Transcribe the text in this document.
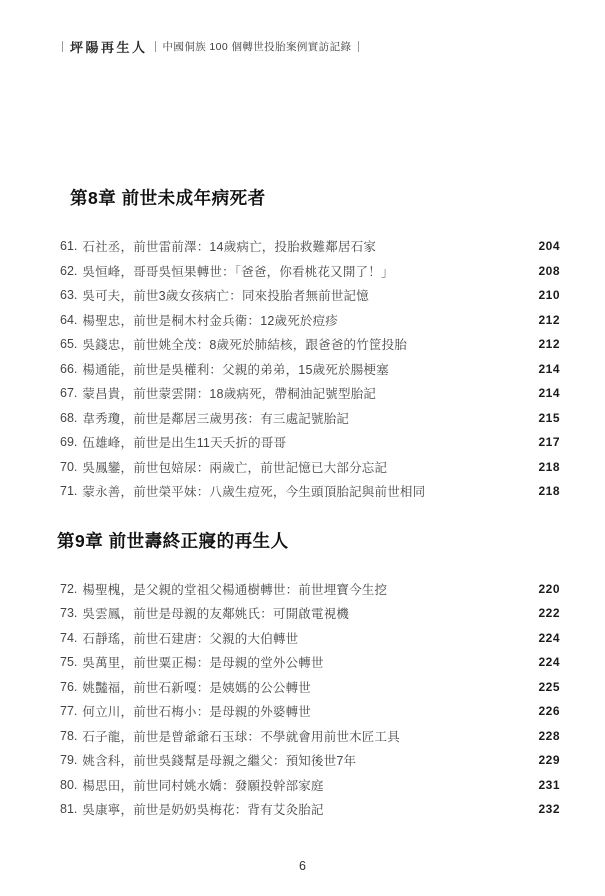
坪陽再生人 中國侗族 100 個轉世投胎案例實訪記錄
第8章 前世未成年病死者
61. 石社丞，前世雷前澤：14歲病亡，投胎救難鄰居石家	204
62. 吳恒峰，哥哥吳恒果轉世：「爸爸，你看桃花又開了！」	208
63. 吳可夫，前世3歲女孩病亡：同來投胎者無前世記憶	210
64. 楊聖忠，前世是桐木村金兵衛：12歲死於痘疹	212
65. 吳錢忠，前世姚全茂：8歲死於肺結核，跟爸爸的竹筐投胎	212
66. 楊通能，前世是吳權利：父親的弟弟，15歲死於腸梗塞	214
67. 蒙昌貴，前世蒙雲開：18歲病死，帶桐油記號型胎記	214
68. 韋秀瓊，前世是鄰居三歲男孩：有三處記號胎記	215
69. 伍雄峰，前世是出生11天夭折的哥哥	217
70. 吳鳳鑾，前世包婄尿：兩歲亡，前世記憶已大部分忘記	218
71. 蒙永善，前世榮平妹：八歲生痘死，今生頭頂胎記與前世相同	218
第9章 前世壽終正寢的再生人
72. 楊聖槐，是父親的堂祖父楊通樹轉世：前世埋寶今生挖	220
73. 吳雲鳳，前世是母親的友鄰姚氏：可開啟電視機	222
74. 石靜瑤，前世石建唐：父親的大伯轉世	224
75. 吳萬里，前世粟正楊：是母親的堂外公轉世	224
76. 姚豔福，前世石新嘎：是姨媽的公公轉世	225
77. 何立川，前世石梅小：是母親的外婆轉世	226
78. 石子龍，前世是曾爺爺石玉球：不學就會用前世木匠工具	228
79. 姚含科，前世吳錢幫是母親之繼父：預知後世7年	229
80. 楊思田，前世同村姚水嬌：發願投幹部家庭	231
81. 吳康寧，前世是奶奶吳梅花：背有艾灸胎記	232
6
